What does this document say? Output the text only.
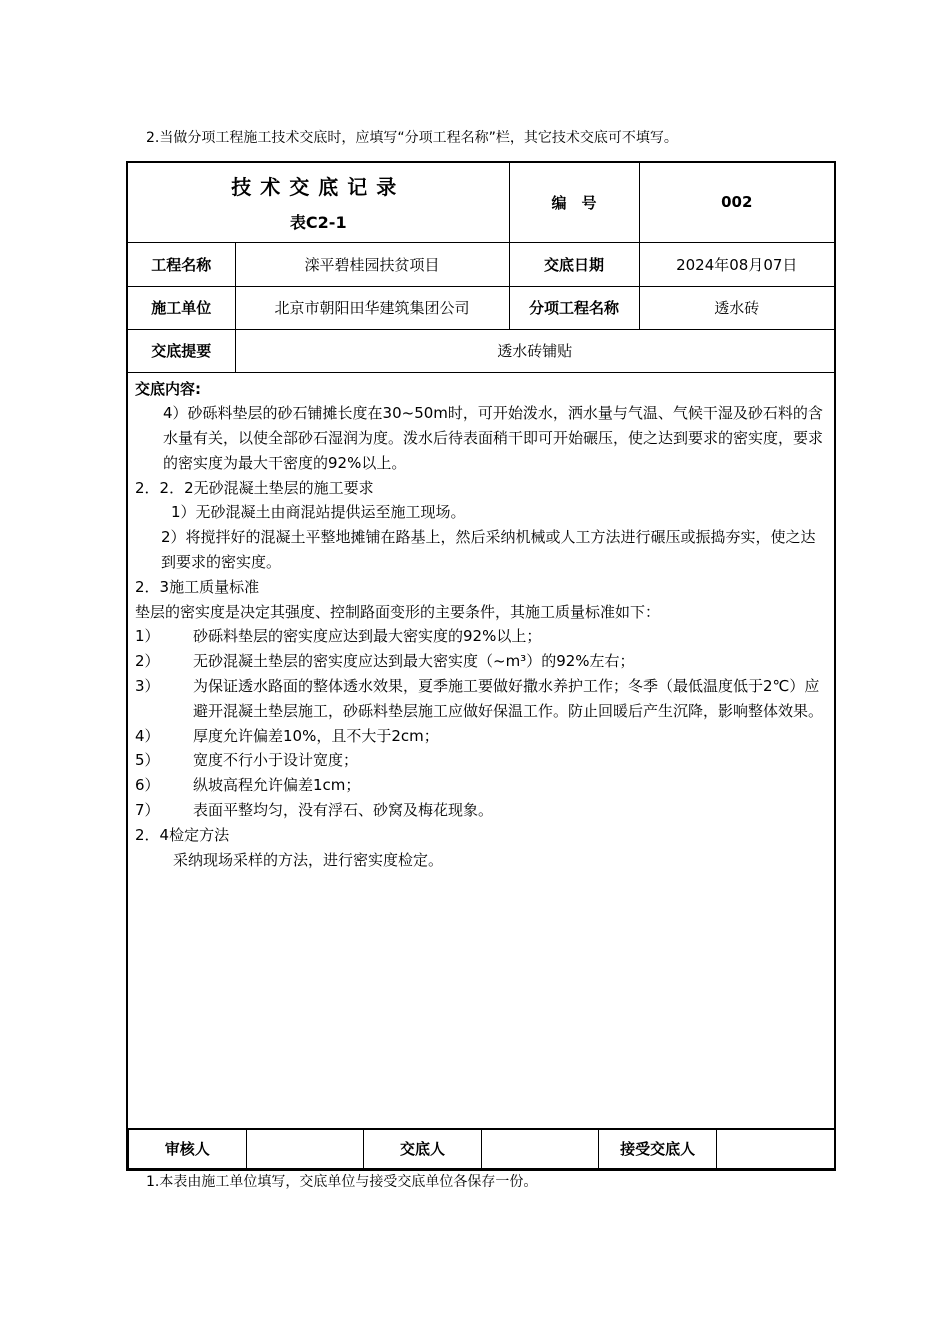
2.当做分项工程施工技术交底时，应填写“分项工程名称”栏，其它技术交底可不填写。
技术交底记录
表C2-1
	编　号	002
工程名称	滦平碧桂园扶贫项目	交底日期	2024年08月07日
施工单位	北京市朝阳田华建筑集团公司	分项工程名称	透水砖
交底提要	透水砖铺贴

交底内容:

4）砂砾料垫层的砂石铺摊长度在30~50m时，可开始泼水，洒水量与气温、气候干湿及砂石料的含水量有关，以使全部砂石湿润为度。泼水后待表面稍干即可开始碾压，使之达到要求的密实度，要求的密实度为最大干密度的92%以上。

2．2．2无砂混凝土垫层的施工要求

1）无砂混凝土由商混站提供运至施工现场。

2）将搅拌好的混凝土平整地摊铺在路基上，然后采纳机械或人工方法进行碾压或振捣夯实，使之达到要求的密实度。

2．3施工质量标准

垫层的密实度是决定其强度、控制路面变形的主要条件，其施工质量标准如下：

1）	砂砾料垫层的密实度应达到最大密实度的92%以上；
2）	无砂混凝土垫层的密实度应达到最大密实度（~m³）的92%左右；
3）	为保证透水路面的整体透水效果，夏季施工要做好撒水养护工作；冬季（最低温度低于2℃）应避开混凝土垫层施工，砂砾料垫层施工应做好保温工作。防止回暖后产生沉降，影响整体效果。
4）	厚度允许偏差10%，且不大于2cm；
5）	宽度不行小于设计宽度；
6）	纵坡高程允许偏差1cm；
7）	表面平整均匀，没有浮石、砂窝及梅花现象。

2．4检定方法

采纳现场采样的方法，进行密实度检定。

审核人		交底人		接受交底人	
1.本表由施工单位填写，交底单位与接受交底单位各保存一份。
